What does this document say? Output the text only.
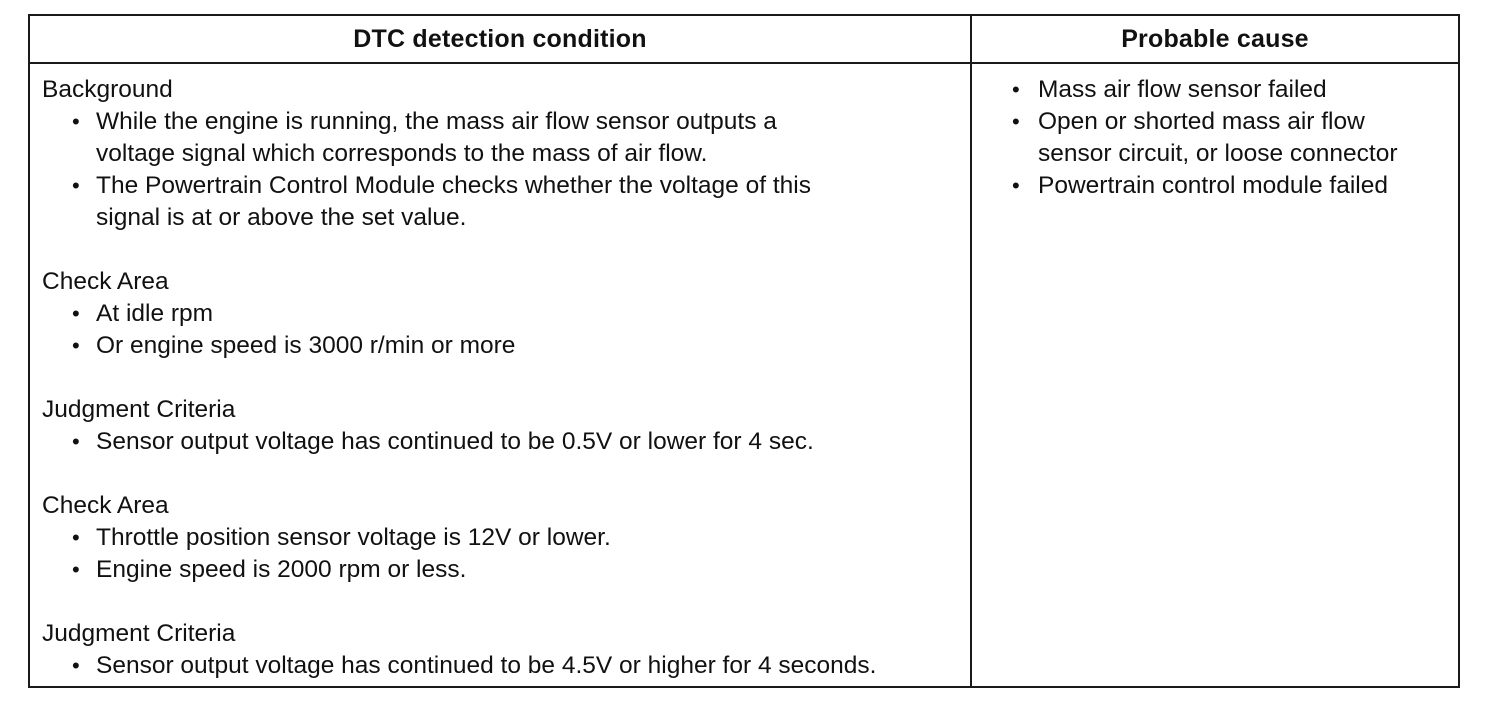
DTC detection condition	Probable cause
Background
• While the engine is running, the mass air flow sensor outputs a voltage signal which corresponds to the mass of air flow.
• The Powertrain Control Module checks whether the voltage of this signal is at or above the set value.
Check Area
• At idle rpm
• Or engine speed is 3000 r/min or more
Judgment Criteria
• Sensor output voltage has continued to be 0.5V or lower for 4 sec.
Check Area
• Throttle position sensor voltage is 12V or lower.
• Engine speed is 2000 rpm or less.
Judgment Criteria
• Sensor output voltage has continued to be 4.5V or higher for 4 seconds.
• Mass air flow sensor failed
• Open or shorted mass air flow sensor circuit, or loose connector
• Powertrain control module failed
